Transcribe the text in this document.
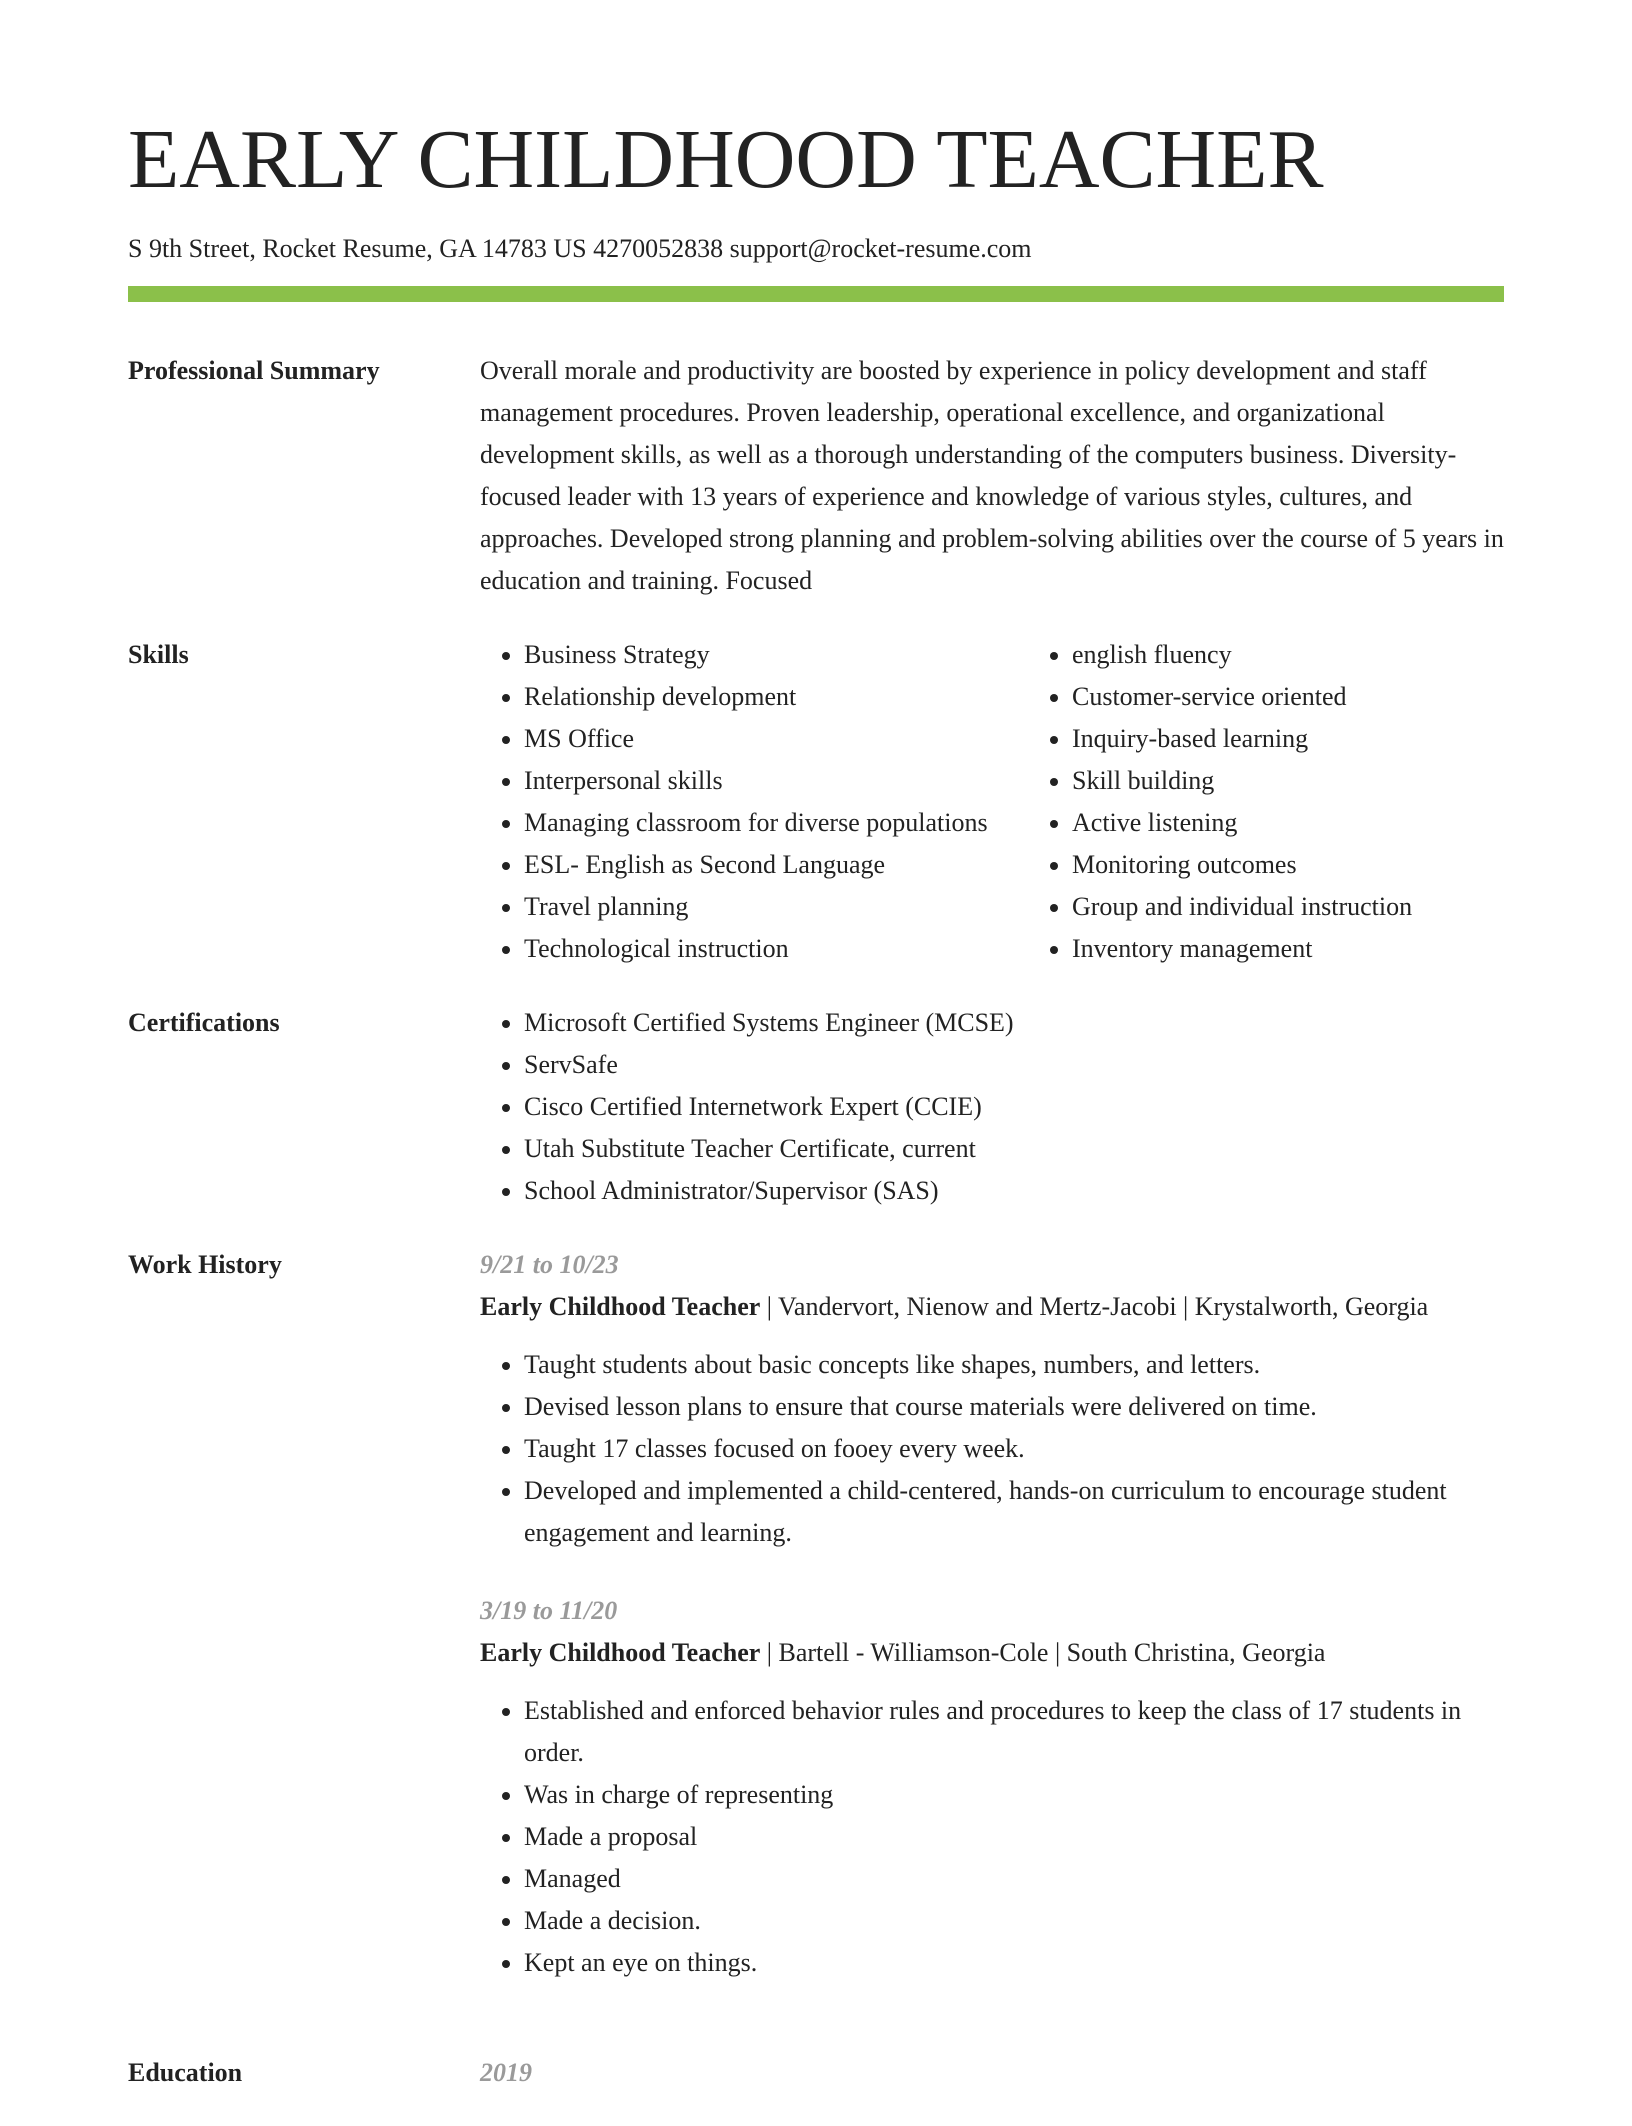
EARLY CHILDHOOD TEACHER
S 9th Street, Rocket Resume, GA 14783 US 4270052838 support@rocket-resume.com
Professional Summary	Overall morale and productivity are boosted by experience in policy development and staff management procedures. Proven leadership, operational excellence, and organizational development skills, as well as a thorough understanding of the computers business. Diversity-focused leader with 13 years of experience and knowledge of various styles, cultures, and approaches. Developed strong planning and problem-solving abilities over the course of 5 years in education and training. Focused

Skills	• Business Strategy
• Relationship development
• MS Office
• Interpersonal skills
• Managing classroom for diverse populations
• ESL- English as Second Language
• Travel planning
• Technological instruction
• english fluency
• Customer-service oriented
• Inquiry-based learning
• Skill building
• Active listening
• Monitoring outcomes
• Group and individual instruction
• Inventory management
Certifications	• Microsoft Certified Systems Engineer (MCSE)
• ServSafe
• Cisco Certified Internetwork Expert (CCIE)
• Utah Substitute Teacher Certificate, current
• School Administrator/Supervisor (SAS)
Work History	9/21 to 10/23
Early Childhood Teacher | Vandervort, Nienow and Mertz-Jacobi | Krystalworth, Georgia
• Taught students about basic concepts like shapes, numbers, and letters.
• Devised lesson plans to ensure that course materials were delivered on time.
• Taught 17 classes focused on fooey every week.
• Developed and implemented a child-centered, hands-on curriculum to encourage student engagement and learning.
3/19 to 11/20
Early Childhood Teacher | Bartell - Williamson-Cole | South Christina, Georgia
• Established and enforced behavior rules and procedures to keep the class of 17 students in order.
• Was in charge of representing
• Made a proposal
• Managed
• Made a decision.
• Kept an eye on things.
Education	2019
